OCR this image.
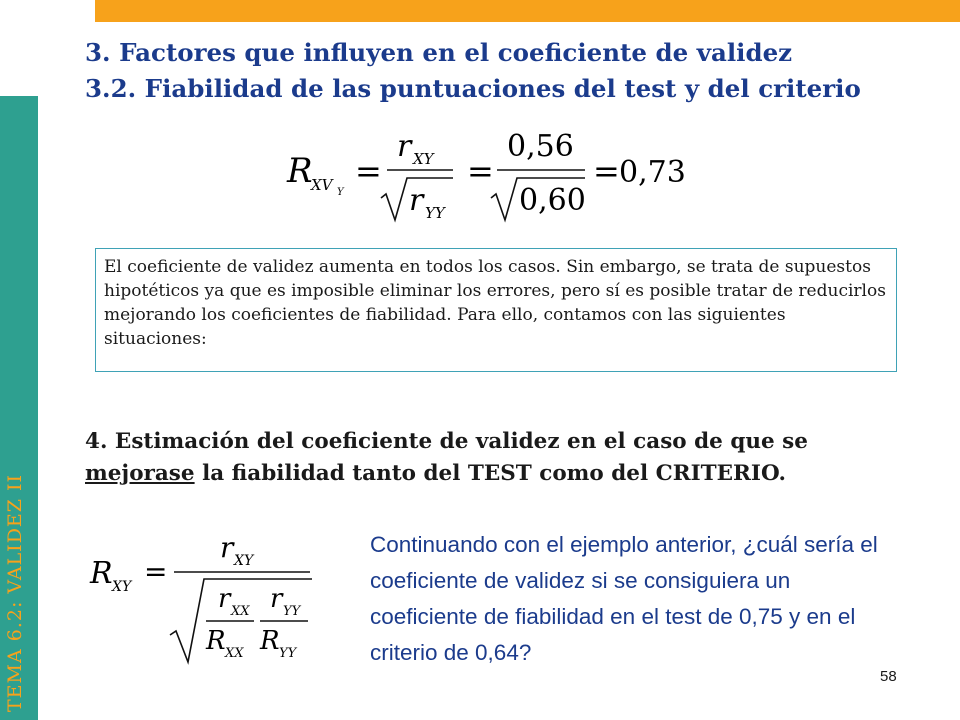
TEMA 6.2: VALIDEZ II
3. Factores que influyen en el coeficiente de validez
3.2. Fiabilidad de las puntuaciones del test y del criterio
R
XV Y
=
r XY
r YY
=
0,56
0,60
= 0,73
El coeficiente de validez aumenta en todos los casos. Sin embargo, se trata de supuestos hipotéticos ya que es imposible eliminar los errores, pero sí es posible tratar de reducirlos mejorando los coeficientes de fiabilidad. Para ello, contamos con las siguientes situaciones:
4. Estimación del coeficiente de validez en el caso de que se mejorase la fiabilidad tanto del TEST como del CRITERIO.
R XY =
r XY
r XX
R XX
r YY
R YY
Continuando con el ejemplo anterior, ¿cuál sería el coeficiente de validez si se consiguiera un coeficiente de fiabilidad en el test de 0,75 y en el criterio de 0,64?
58
